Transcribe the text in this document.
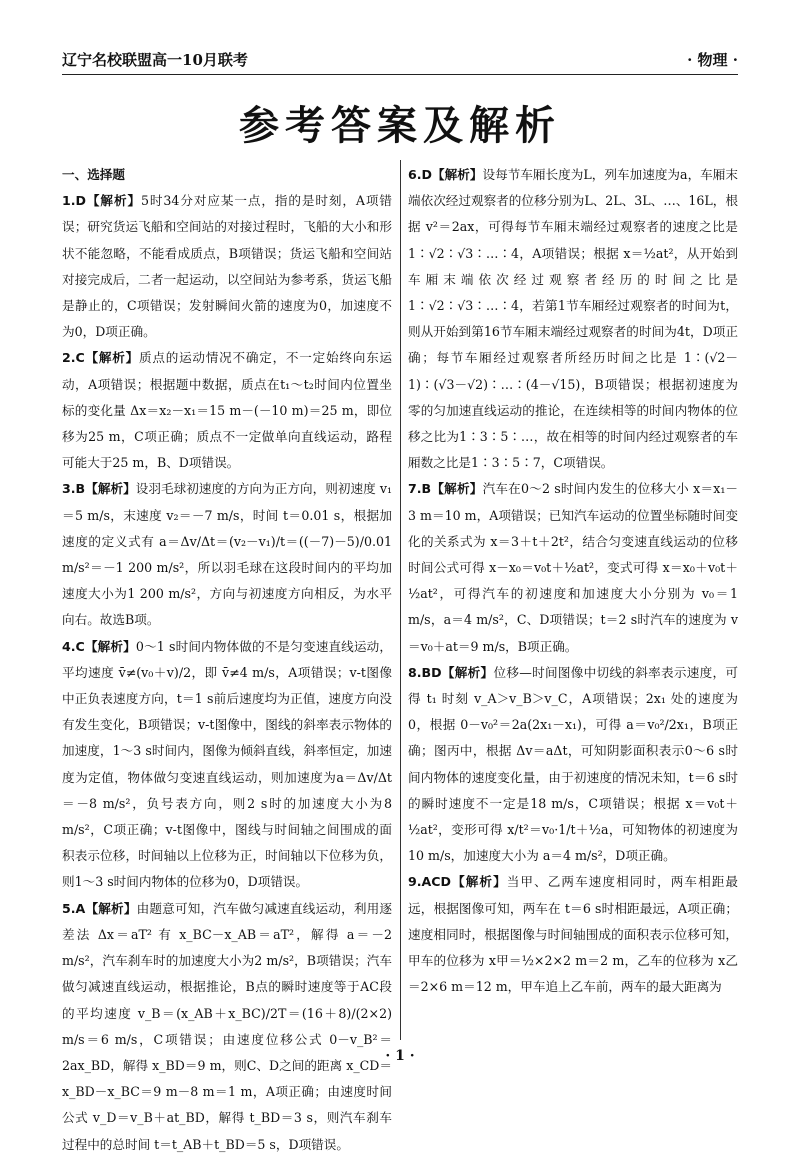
辽宁名校联盟高一10月联考	· 物理 ·
参考答案及解析
一、选择题

1.D【解析】5时34分对应某一点，指的是时刻，A项错误；研究货运飞船和空间站的对接过程时，飞船的大小和形状不能忽略，不能看成质点，B项错误；货运飞船和空间站对接完成后，二者一起运动，以空间站为参考系，货运飞船是静止的，C项错误；发射瞬间火箭的速度为0，加速度不为0，D项正确。

2.C【解析】质点的运动情况不确定，不一定始终向东运动，A项错误；根据题中数据，质点在t₁～t₂时间内位置坐标的变化量 Δx＝x₂－x₁＝15 m－(－10 m)＝25 m，即位移为25 m，C项正确；质点不一定做单向直线运动，路程可能大于25 m，B、D项错误。

3.B【解析】设羽毛球初速度的方向为正方向，则初速度 v₁＝5 m/s，末速度 v₂＝－7 m/s，时间 t＝0.01 s，根据加速度的定义式有 a＝Δv/Δt＝(v₂－v₁)/t＝((－7)－5)/0.01 m/s²＝－1 200 m/s²，所以羽毛球在这段时间内的平均加速度大小为1 200 m/s²，方向与初速度方向相反，为水平向右。故选B项。

4.C【解析】0～1 s时间内物体做的不是匀变速直线运动，平均速度 v̄≠(v₀＋v)/2，即 v̄≠4 m/s，A项错误；v-t图像中正负表速度方向，t＝1 s前后速度均为正值，速度方向没有发生变化，B项错误；v-t图像中，图线的斜率表示物体的加速度，1～3 s时间内，图像为倾斜直线，斜率恒定，加速度为定值，物体做匀变速直线运动，则加速度为a＝Δv/Δt＝－8 m/s²，负号表方向，则2 s时的加速度大小为8 m/s²，C项正确；v-t图像中，图线与时间轴之间围成的面积表示位移，时间轴以上位移为正，时间轴以下位移为负，则1～3 s时间内物体的位移为0，D项错误。

5.A【解析】由题意可知，汽车做匀减速直线运动，利用逐差法 Δx＝aT² 有 x_BC－x_AB＝aT²，解得 a＝－2 m/s²，汽车刹车时的加速度大小为2 m/s²，B项错误；汽车做匀减速直线运动，根据推论，B点的瞬时速度等于AC段的平均速度 v_B＝(x_AB＋x_BC)/2T＝(16＋8)/(2×2) m/s＝6 m/s，C项错误；由速度位移公式 0－v_B²＝2ax_BD，解得 x_BD＝9 m，则C、D之间的距离 x_CD＝x_BD－x_BC＝9 m－8 m＝1 m，A项正确；由速度时间公式 v_D＝v_B＋at_BD，解得 t_BD＝3 s，则汽车刹车过程中的总时间 t＝t_AB＋t_BD＝5 s，D项错误。

6.D【解析】设每节车厢长度为L，列车加速度为a，车厢末端依次经过观察者的位移分别为L、2L、3L、…、16L，根据 v²＝2ax，可得每节车厢末端经过观察者的速度之比是 1∶√2∶√3∶…∶4，A项错误；根据 x＝½at²，从开始到车厢末端依次经过观察者经历的时间之比是 1∶√2∶√3∶…∶4，若第1节车厢经过观察者的时间为t，则从开始到第16节车厢末端经过观察者的时间为4t，D项正确；每节车厢经过观察者所经历时间之比是 1∶(√2－1)∶(√3－√2)∶…∶(4－√15)，B项错误；根据初速度为零的匀加速直线运动的推论，在连续相等的时间内物体的位移之比为1∶3∶5∶…，故在相等的时间内经过观察者的车厢数之比是1∶3∶5∶7，C项错误。

7.B【解析】汽车在0～2 s时间内发生的位移大小 x＝x₁－3 m＝10 m，A项错误；已知汽车运动的位置坐标随时间变化的关系式为 x＝3＋t＋2t²，结合匀变速直线运动的位移时间公式可得 x－x₀＝v₀t＋½at²，变式可得 x＝x₀＋v₀t＋½at²，可得汽车的初速度和加速度大小分别为 v₀＝1 m/s，a＝4 m/s²，C、D项错误；t＝2 s时汽车的速度为 v＝v₀＋at＝9 m/s，B项正确。

8.BD【解析】位移—时间图像中切线的斜率表示速度，可得 t₁ 时刻 v_A＞v_B＞v_C，A项错误；2x₁ 处的速度为0，根据 0－v₀²＝2a(2x₁－x₁)，可得 a＝v₀²/2x₁，B项正确；图丙中，根据 Δv＝aΔt，可知阴影面积表示0～6 s时间内物体的速度变化量，由于初速度的情况未知，t＝6 s时的瞬时速度不一定是18 m/s，C项错误；根据 x＝v₀t＋½at²，变形可得 x/t²＝v₀·1/t＋½a，可知物体的初速度为10 m/s，加速度大小为 a＝4 m/s²，D项正确。

9.ACD【解析】当甲、乙两车速度相同时，两车相距最远，根据图像可知，两车在 t＝6 s时相距最远，A项正确；速度相同时，根据图像与时间轴围成的面积表示位移可知，甲车的位移为 x甲＝½×2×2 m＝2 m，乙车的位移为 x乙＝2×6 m＝12 m，甲车追上乙车前，两车的最大距离为

· 1 ·
